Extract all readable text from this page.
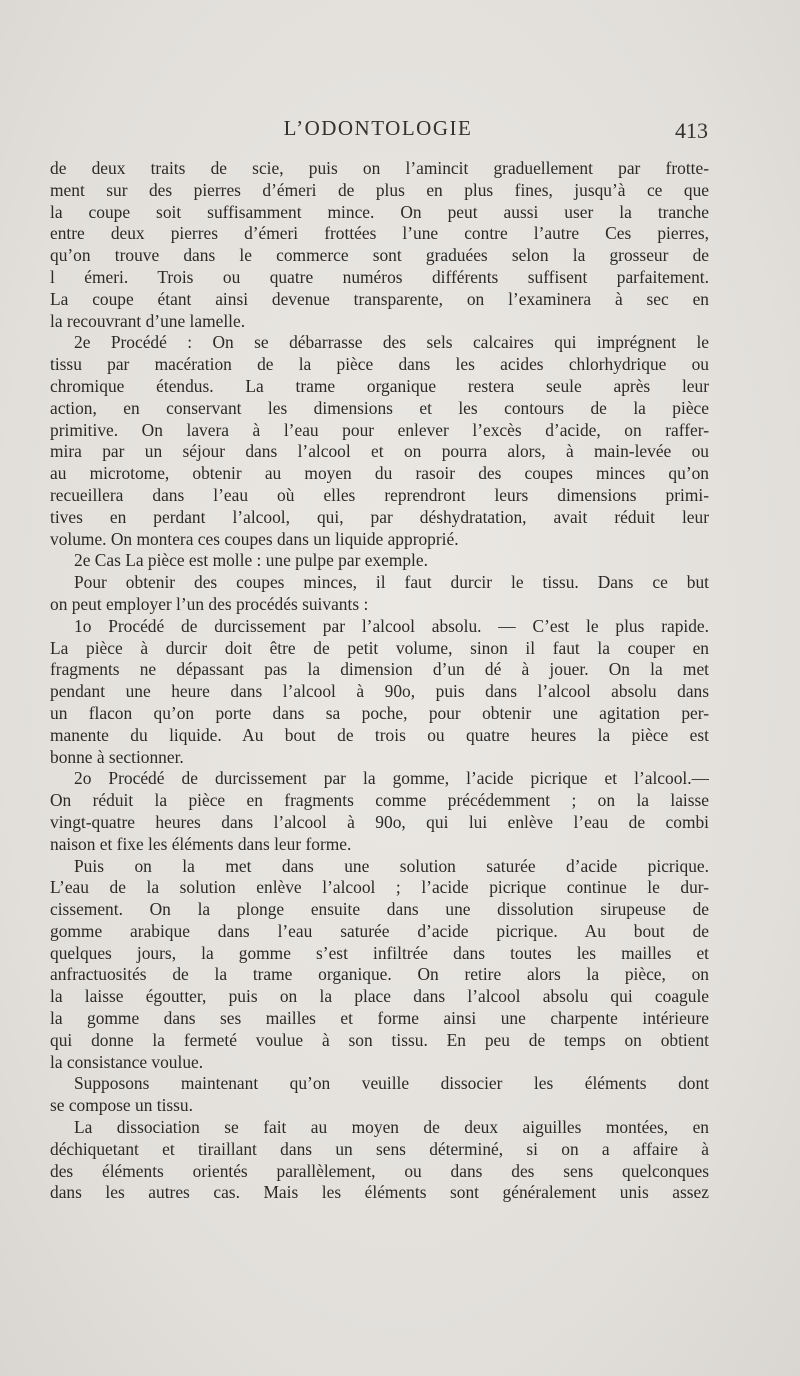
L’ODONTOLOGIE	413
de deux traits de scie, puis on l’amincit graduellement par frotte-
ment sur des pierres d’émeri de plus en plus fines, jusqu’à ce que
la coupe soit suffisamment mince. On peut aussi user la tranche
entre deux pierres d’émeri frottées l’une contre l’autre Ces pierres,
qu’on trouve dans le commerce sont graduées selon la grosseur de
l émeri. Trois ou quatre numéros différents suffisent parfaitement.
La coupe étant ainsi devenue transparente, on l’examinera à sec en
la recouvrant d’une lamelle.
2e Procédé : On se débarrasse des sels calcaires qui imprégnent le
tissu par macération de la pièce dans les acides chlorhydrique ou
chromique étendus. La trame organique restera seule après leur
action, en conservant les dimensions et les contours de la pièce
primitive. On lavera à l’eau pour enlever l’excès d’acide, on raffer-
mira par un séjour dans l’alcool et on pourra alors, à main-levée ou
au microtome, obtenir au moyen du rasoir des coupes minces qu’on
recueillera dans l’eau où elles reprendront leurs dimensions primi-
tives en perdant l’alcool, qui, par déshydratation, avait réduit leur
volume. On montera ces coupes dans un liquide approprié.
2e Cas La pièce est molle : une pulpe par exemple.
Pour obtenir des coupes minces, il faut durcir le tissu. Dans ce but
on peut employer l’un des procédés suivants :
1o Procédé de durcissement par l’alcool absolu. — C’est le plus rapide.
La pièce à durcir doit être de petit volume, sinon il faut la couper en
fragments ne dépassant pas la dimension d’un dé à jouer. On la met
pendant une heure dans l’alcool à 90o, puis dans l’alcool absolu dans
un flacon qu’on porte dans sa poche, pour obtenir une agitation per-
manente du liquide. Au bout de trois ou quatre heures la pièce est
bonne à sectionner.
2o Procédé de durcissement par la gomme, l’acide picrique et l’alcool.—
On réduit la pièce en fragments comme précédemment ; on la laisse
vingt-quatre heures dans l’alcool à 90o, qui lui enlève l’eau de combi
naison et fixe les éléments dans leur forme.
Puis on la met dans une solution saturée d’acide picrique.
L’eau de la solution enlève l’alcool ; l’acide picrique continue le dur-
cissement. On la plonge ensuite dans une dissolution sirupeuse de
gomme arabique dans l’eau saturée d’acide picrique. Au bout de
quelques jours, la gomme s’est infiltrée dans toutes les mailles et
anfractuosités de la trame organique. On retire alors la pièce, on
la laisse égoutter, puis on la place dans l’alcool absolu qui coagule
la gomme dans ses mailles et forme ainsi une charpente intérieure
qui donne la fermeté voulue à son tissu. En peu de temps on obtient
la consistance voulue.
Supposons maintenant qu’on veuille dissocier les éléments dont
se compose un tissu.
La dissociation se fait au moyen de deux aiguilles montées, en
déchiquetant et tiraillant dans un sens déterminé, si on a affaire à
des éléments orientés parallèlement, ou dans des sens quelconques
dans les autres cas. Mais les éléments sont généralement unis assez
